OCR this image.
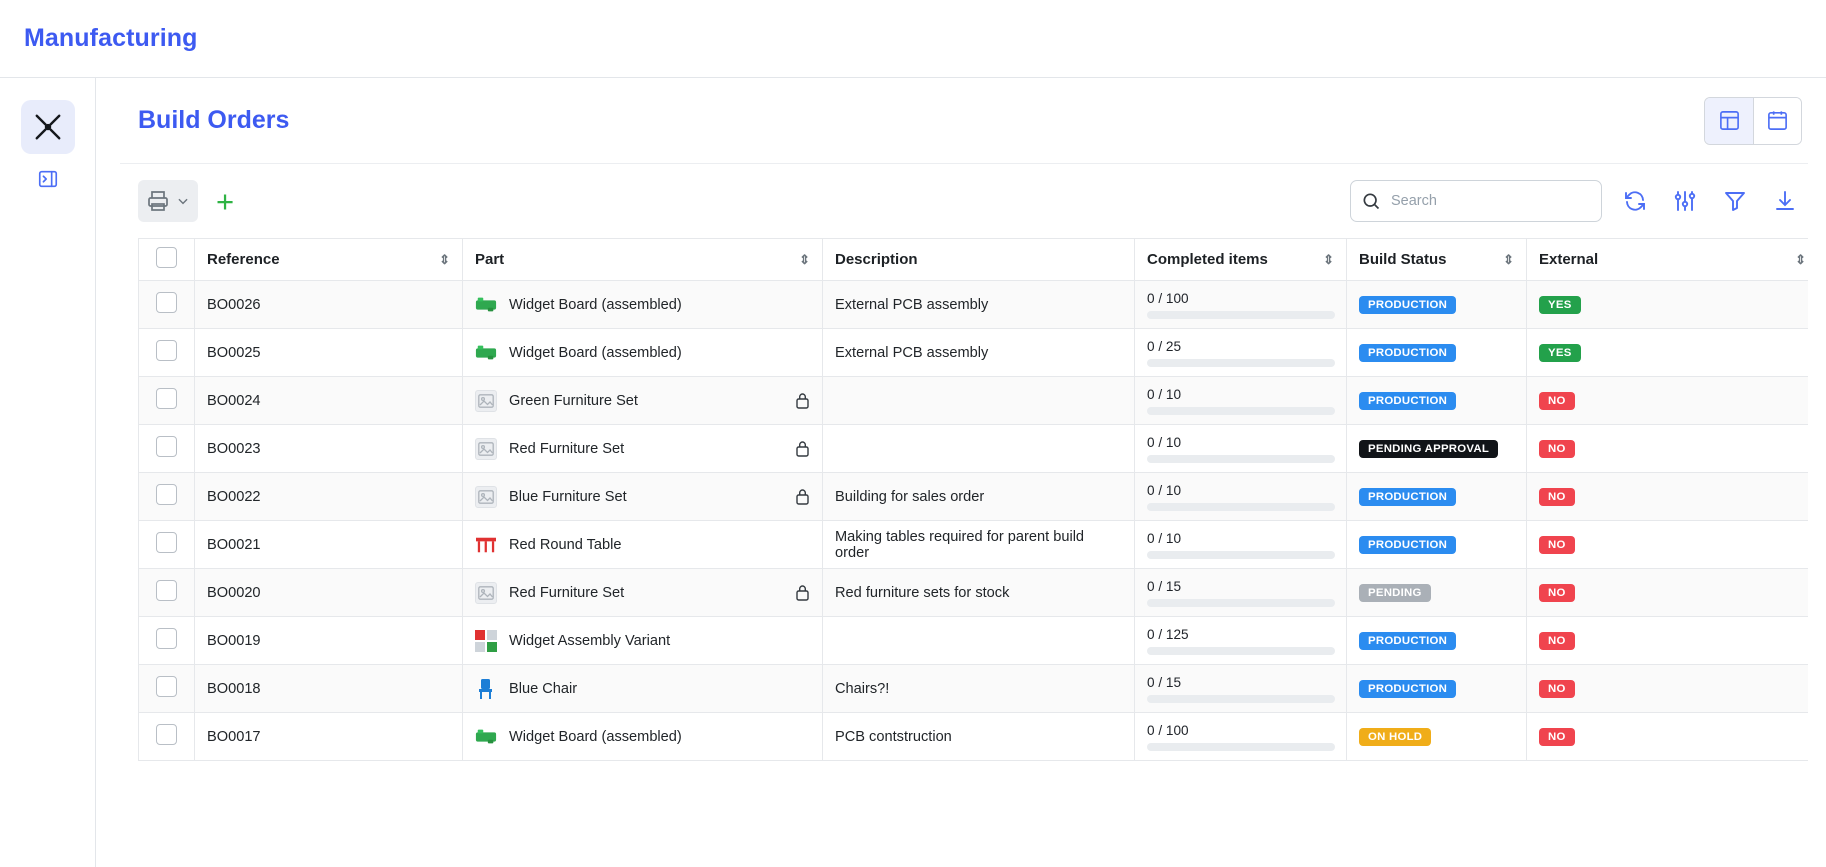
Manufacturing
Build Orders
+
Search
	Reference ⇕	Part ⇕	Description	Completed items ⇕	Build Status ⇕	External ⇕

	BO0026	Widget Board (assembled)	External PCB assembly	0 / 100	PRODUCTION	YES
	BO0025	Widget Board (assembled)	External PCB assembly	0 / 25	PRODUCTION	YES
	BO0024	Green Furniture Set		0 / 10	PRODUCTION	NO
	BO0023	Red Furniture Set		0 / 10	PENDING APPROVAL	NO
	BO0022	Blue Furniture Set	Building for sales order	0 / 10	PRODUCTION	NO
	BO0021	Red Round Table	Making tables required for parent build order	0 / 10	PRODUCTION	NO
	BO0020	Red Furniture Set	Red furniture sets for stock	0 / 15	PENDING	NO
	BO0019	Widget Assembly Variant		0 / 125	PRODUCTION	NO
	BO0018	Blue Chair	Chairs?!	0 / 15	PRODUCTION	NO
	BO0017	Widget Board (assembled)	PCB contstruction	0 / 100	ON HOLD	NO
